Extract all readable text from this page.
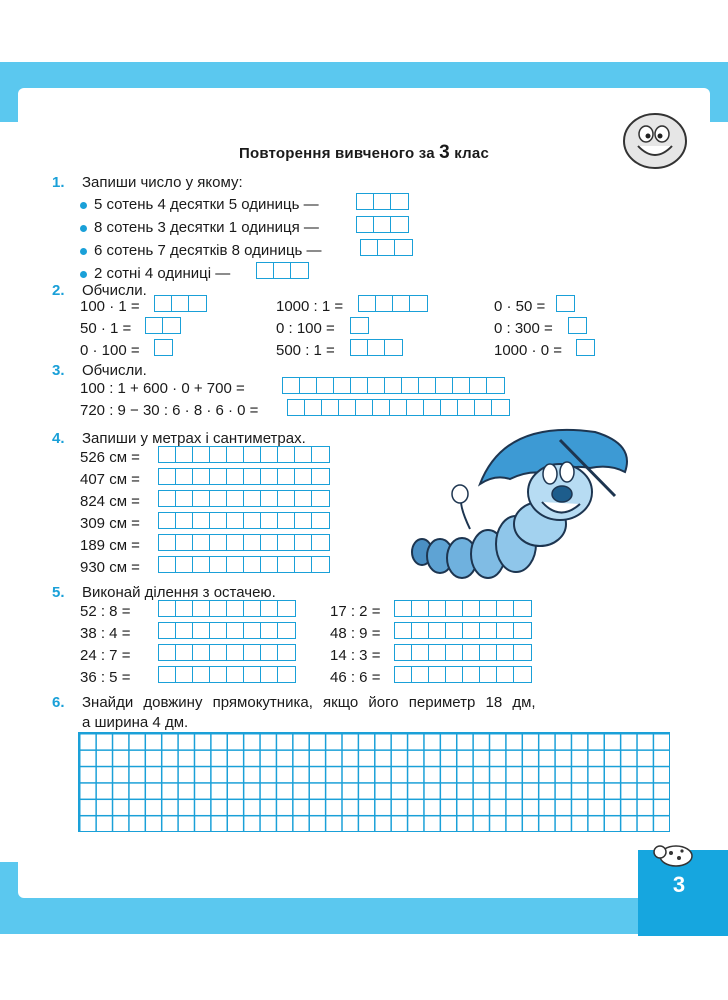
3
Повторення вивченого за 3 клас
1. Запиши число у якому:
5 сотень 4 десятки 5 одиниць —
8 сотень 3 десятки 1 одиниця —
6 сотень 7 десятків 8 одиниць —
2 сотні 4 одиниці —
2. Обчисли.
100 · 1 =
50 · 1 =
0 · 100 =
1000 : 1 =
0 : 100 =
500 : 1 =
0 · 50 =
0 : 300 =
1000 · 0 =
3. Обчисли.
100 : 1 + 600 · 0 + 700 =
720 : 9 − 30 : 6 · 8 · 6 · 0 =
4. Запиши у метрах і сантиметрах.
526 см =
407 см =
824 см =
309 см =
189 см =
930 см =
5. Виконай ділення з остачею.
52 : 8 =
38 : 4 =
24 : 7 =
36 : 5 =
17 : 2 =
48 : 9 =
14 : 3 =
46 : 6 =
6. Знайди довжину прямокутника, якщо його периметр 18 дм,
а ширина 4 дм.
